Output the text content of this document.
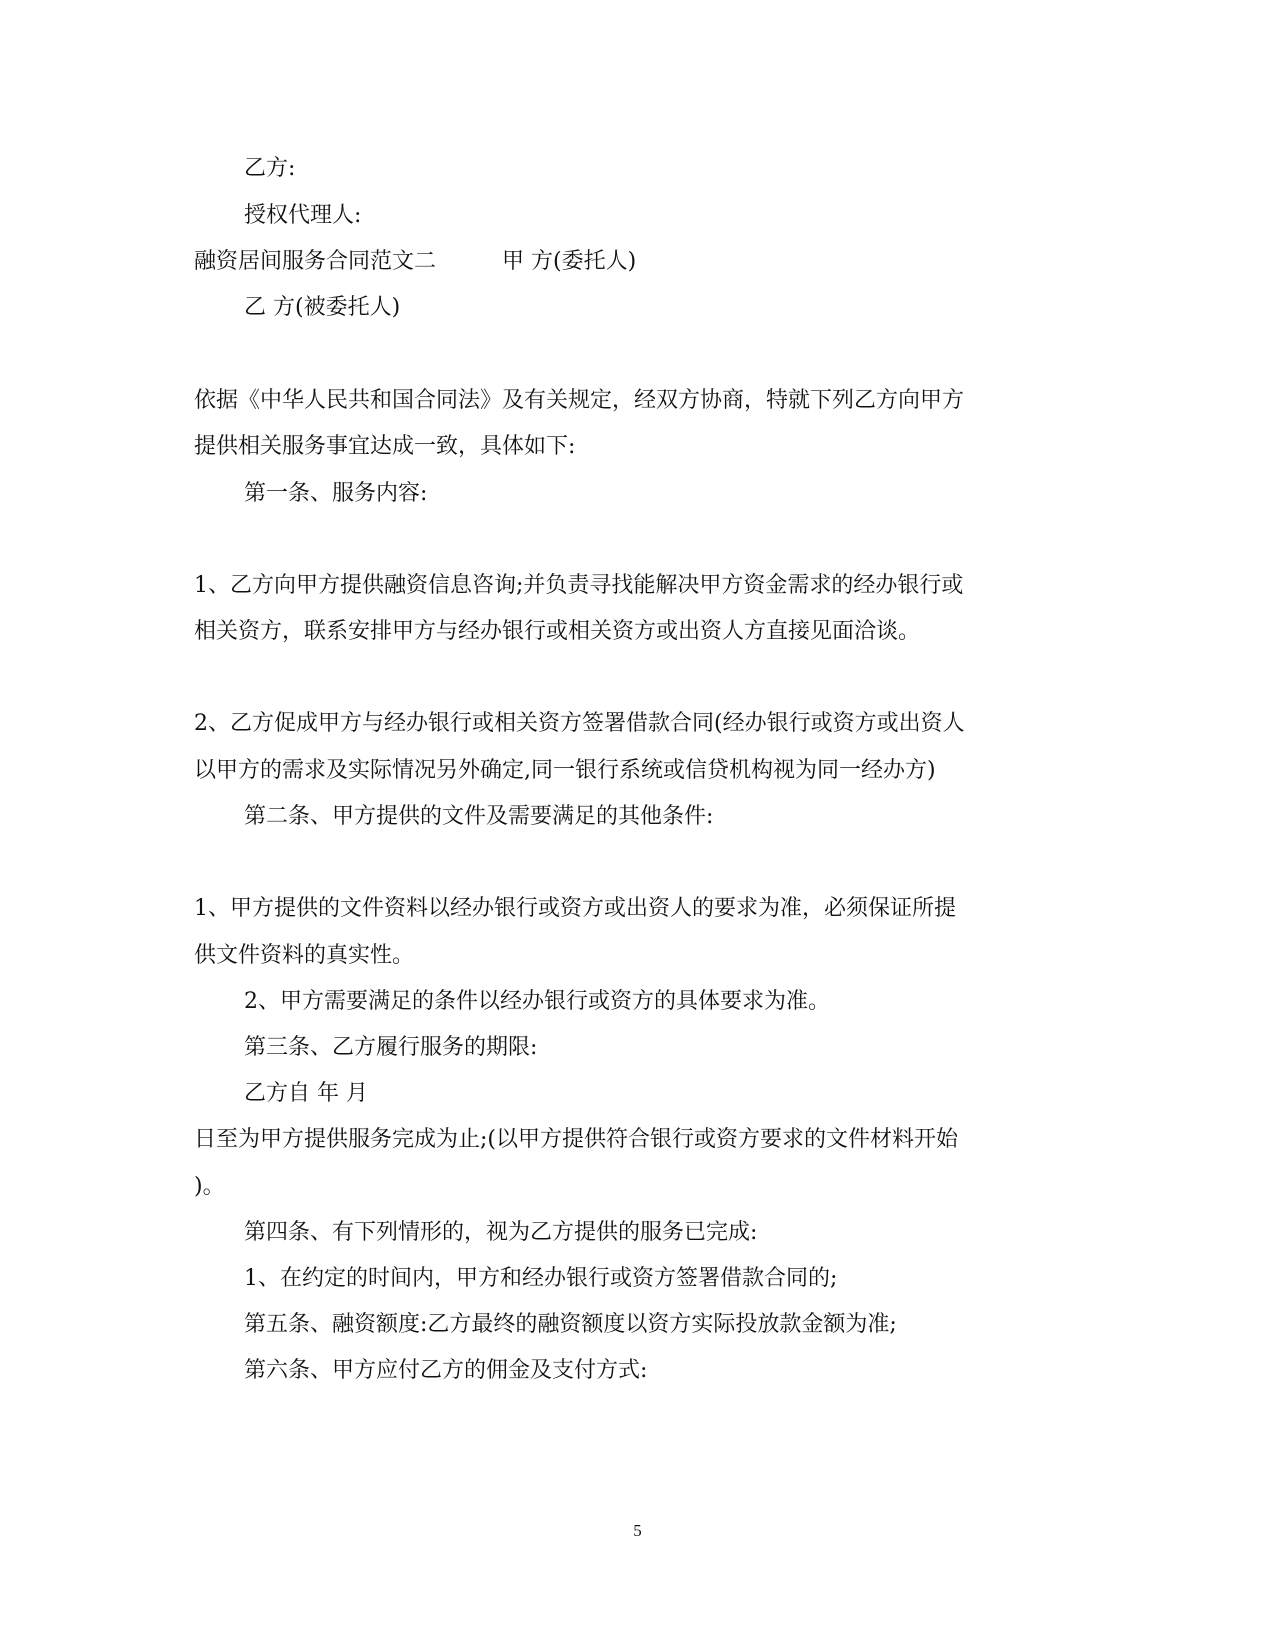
乙方:
授权代理人:
融资居间服务合同范文二　　　甲 方(委托人)
乙 方(被委托人)
依据《中华人民共和国合同法》及有关规定，经双方协商，特就下列乙方向甲方
提供相关服务事宜达成一致，具体如下:
第一条、服务内容:
1、乙方向甲方提供融资信息咨询;并负责寻找能解决甲方资金需求的经办银行或
相关资方，联系安排甲方与经办银行或相关资方或出资人方直接见面洽谈。
2、乙方促成甲方与经办银行或相关资方签署借款合同(经办银行或资方或出资人
以甲方的需求及实际情况另外确定,同一银行系统或信贷机构视为同一经办方)
第二条、甲方提供的文件及需要满足的其他条件:
1、甲方提供的文件资料以经办银行或资方或出资人的要求为准，必须保证所提
供文件资料的真实性。
2、甲方需要满足的条件以经办银行或资方的具体要求为准。
第三条、乙方履行服务的期限:
乙方自 年 月
日至为甲方提供服务完成为止;(以甲方提供符合银行或资方要求的文件材料开始
)。
第四条、有下列情形的，视为乙方提供的服务已完成:
1、在约定的时间内，甲方和经办银行或资方签署借款合同的;
第五条、融资额度:乙方最终的融资额度以资方实际投放款金额为准;
第六条、甲方应付乙方的佣金及支付方式:
5
